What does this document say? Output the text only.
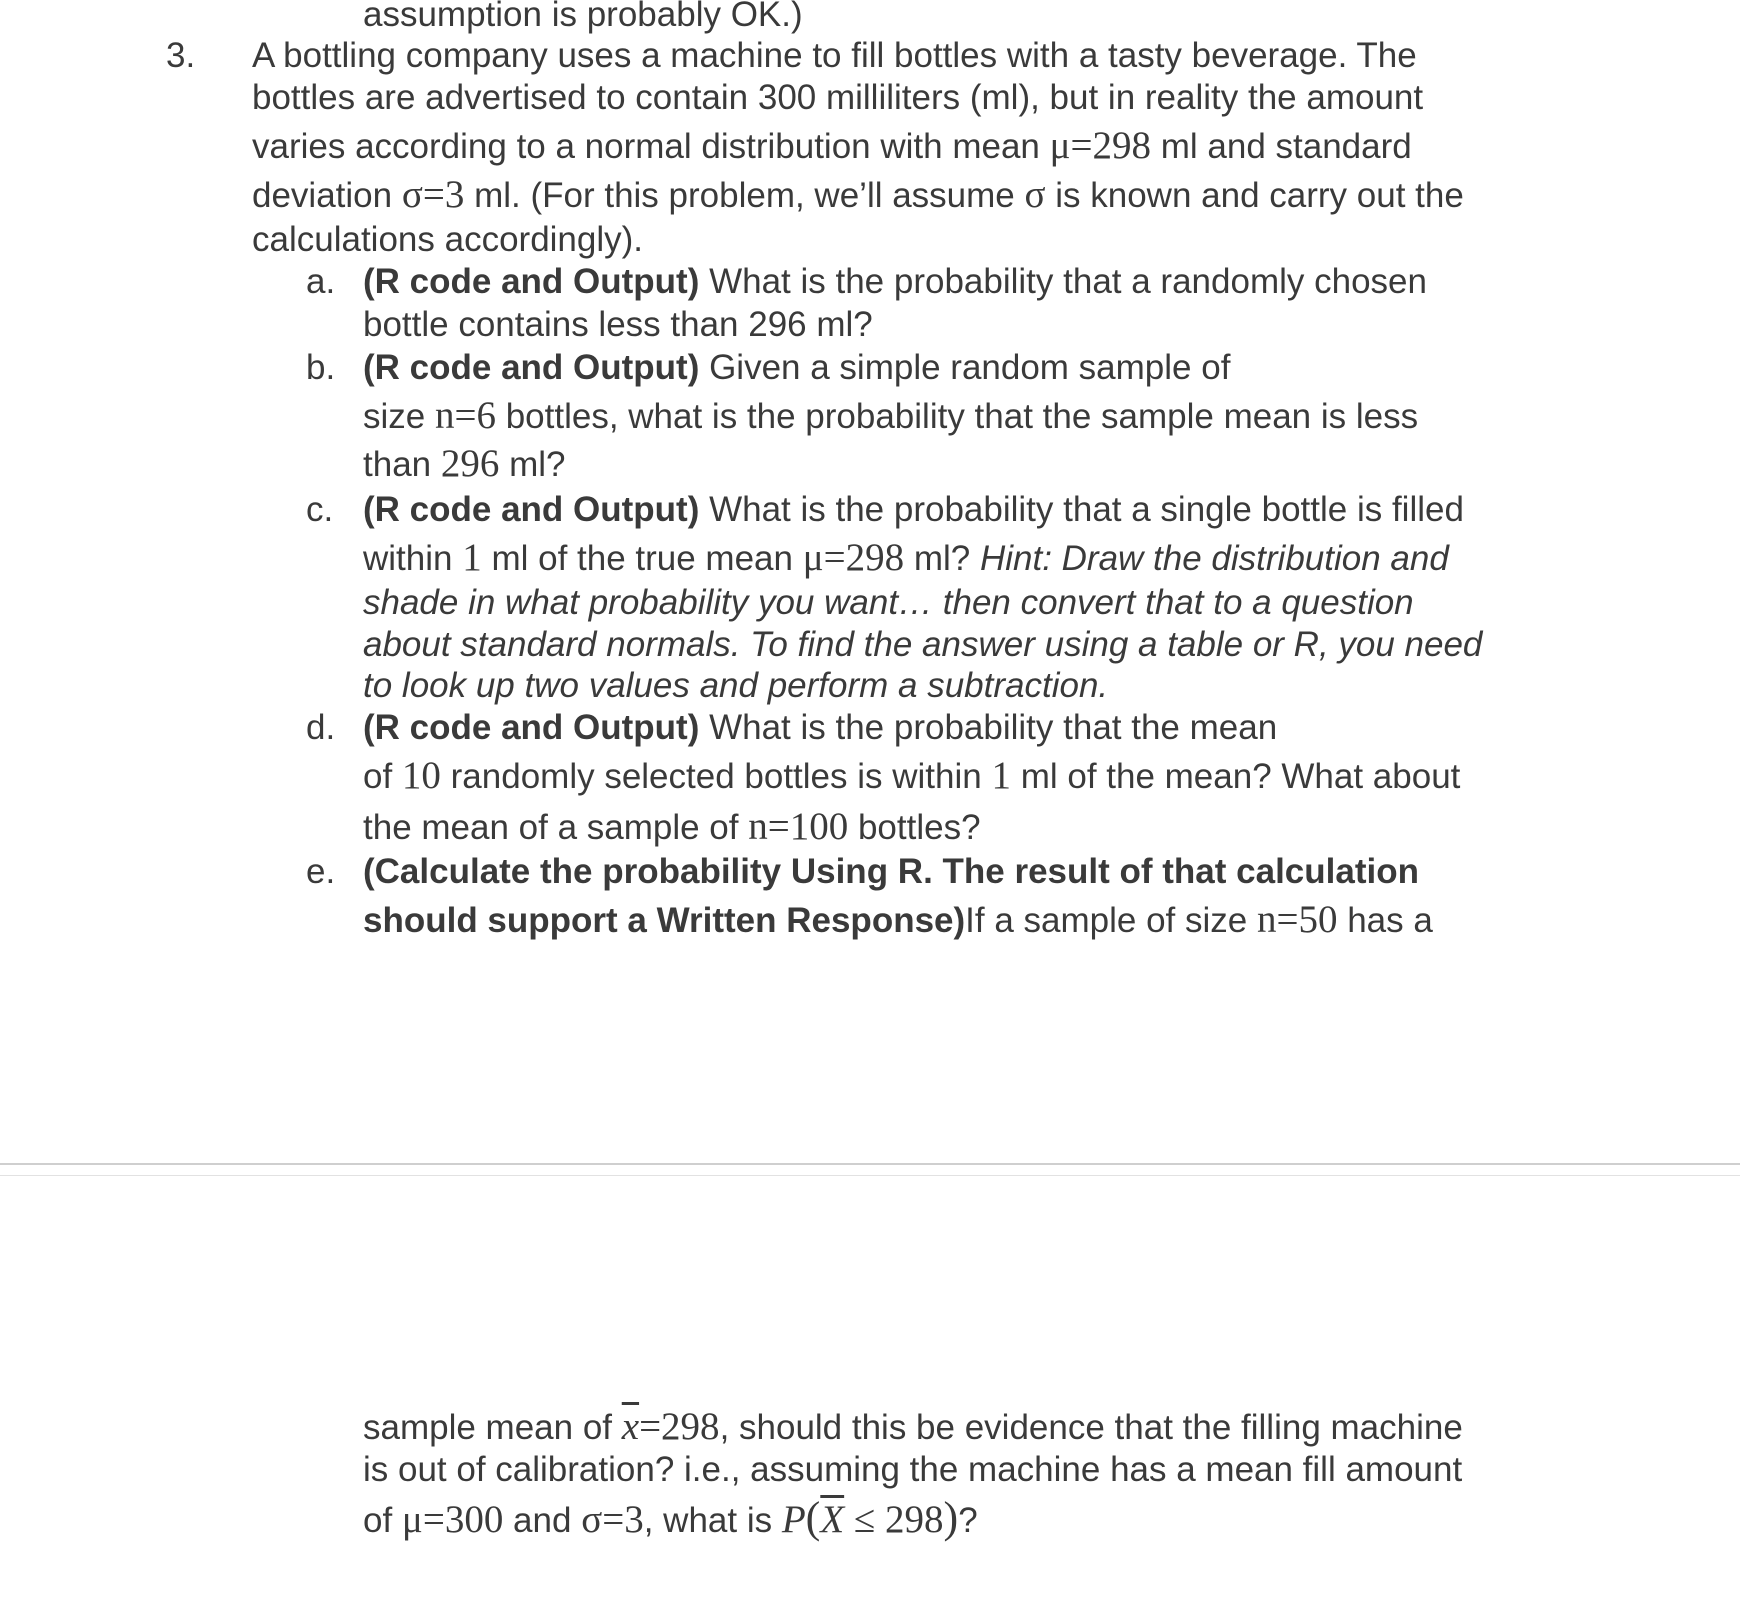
assumption is probably OK.)
3. A bottling company uses a machine to fill bottles with a tasty beverage. The
bottles are advertised to contain 300 milliliters (ml), but in reality the amount
varies according to a normal distribution with mean μ=298 ml and standard
deviation σ=3 ml. (For this problem, we’ll assume σ is known and carry out the
calculations accordingly).
a. (R code and Output) What is the probability that a randomly chosen
bottle contains less than 296 ml?
b. (R code and Output) Given a simple random sample of
size n=6 bottles, what is the probability that the sample mean is less
than 296 ml?
c. (R code and Output) What is the probability that a single bottle is filled
within 1 ml of the true mean μ=298 ml? Hint: Draw the distribution and
shade in what probability you want… then convert that to a question
about standard normals. To find the answer using a table or R, you need
to look up two values and perform a subtraction.
d. (R code and Output) What is the probability that the mean
of 10 randomly selected bottles is within 1 ml of the mean? What about
the mean of a sample of n=100 bottles?
e. (Calculate the probability Using R. The result of that calculation
should support a Written Response)If a sample of size n=50 has a
sample mean of $\overline{x}=298$, should this be evidence that the filling machine
is out of calibration? i.e., assuming the machine has a mean fill amount
of μ=300 and σ=3, what is $P(\overline{X} \le 298)$?
